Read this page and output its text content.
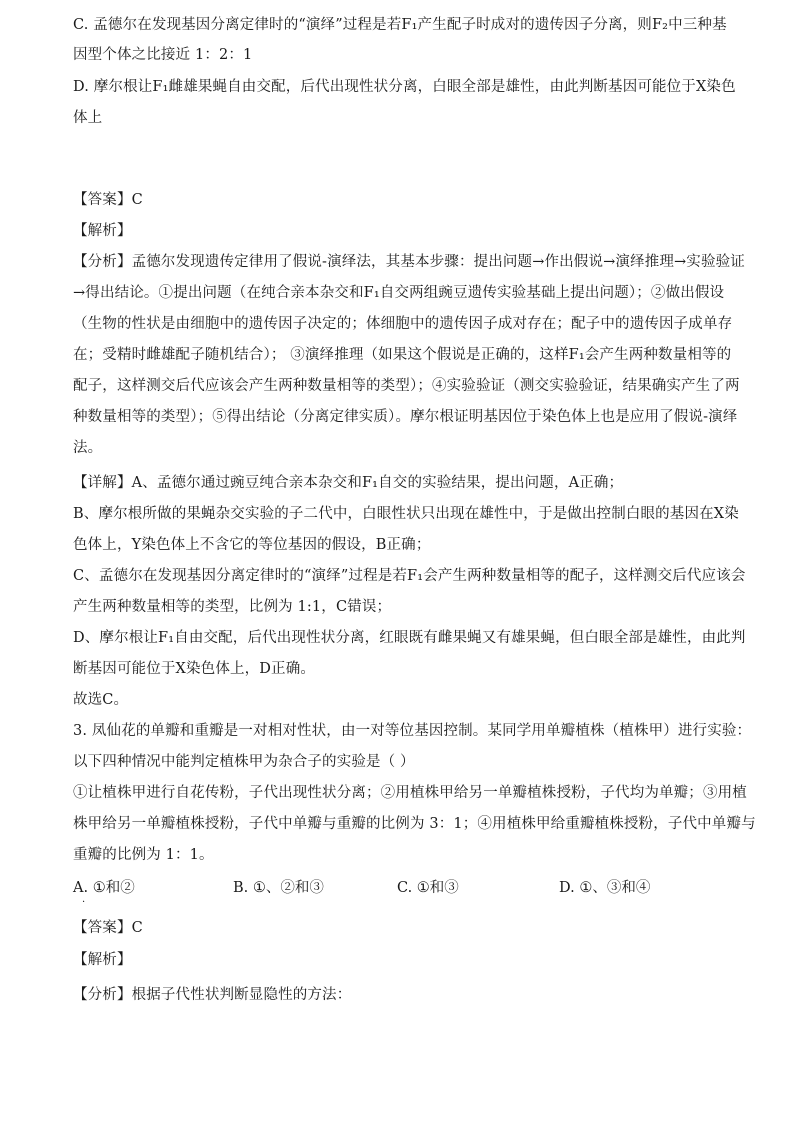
C. 孟德尔在发现基因分离定律时的“演绎”过程是若F₁产生配子时成对的遗传因子分离，则F₂中三种基
因型个体之比接近 1：2：1
D. 摩尔根让F₁雌雄果蝇自由交配，后代出现性状分离，白眼全部是雄性，由此判断基因可能位于X染色
体上
【答案】C
【解析】
【分析】孟德尔发现遗传定律用了假说-演绎法，其基本步骤：提出问题→作出假说→演绎推理→实验验证
→得出结论。①提出问题（在纯合亲本杂交和F₁自交两组豌豆遗传实验基础上提出问题）；②做出假设
（生物的性状是由细胞中的遗传因子决定的；体细胞中的遗传因子成对存在；配子中的遗传因子成单存
在；受精时雌雄配子随机结合）； ③演绎推理（如果这个假说是正确的，这样F₁会产生两种数量相等的
配子，这样测交后代应该会产生两种数量相等的类型）；④实验验证（测交实验验证，结果确实产生了两
种数量相等的类型）；⑤得出结论（分离定律实质）。摩尔根证明基因位于染色体上也是应用了假说-演绎
法。
【详解】A、孟德尔通过豌豆纯合亲本杂交和F₁自交的实验结果，提出问题，A正确；
B、摩尔根所做的果蝇杂交实验的子二代中，白眼性状只出现在雄性中，于是做出控制白眼的基因在X染
色体上，Y染色体上不含它的等位基因的假设，B正确；
C、孟德尔在发现基因分离定律时的“演绎”过程是若F₁会产生两种数量相等的配子，这样测交后代应该会
产生两种数量相等的类型，比例为 1:1，C错误；
D、摩尔根让F₁自由交配，后代出现性状分离，红眼既有雌果蝇又有雄果蝇，但白眼全部是雄性，由此判
断基因可能位于X染色体上，D正确。
故选C。
3. 凤仙花的单瓣和重瓣是一对相对性状，由一对等位基因控制。某同学用单瓣植株（植株甲）进行实验：
以下四种情况中能判定植株甲为杂合子的实验是（ ）
①让植株甲进行自花传粉，子代出现性状分离；②用植株甲给另一单瓣植株授粉，子代均为单瓣；③用植
株甲给另一单瓣植株授粉，子代中单瓣与重瓣的比例为 3：1；④用植株甲给重瓣植株授粉，子代中单瓣与
重瓣的比例为 1：1。
A. ①和②	B. ①、②和③	C. ①和③	D. ①、③和④
·
【答案】C
【解析】
【分析】根据子代性状判断显隐性的方法：
